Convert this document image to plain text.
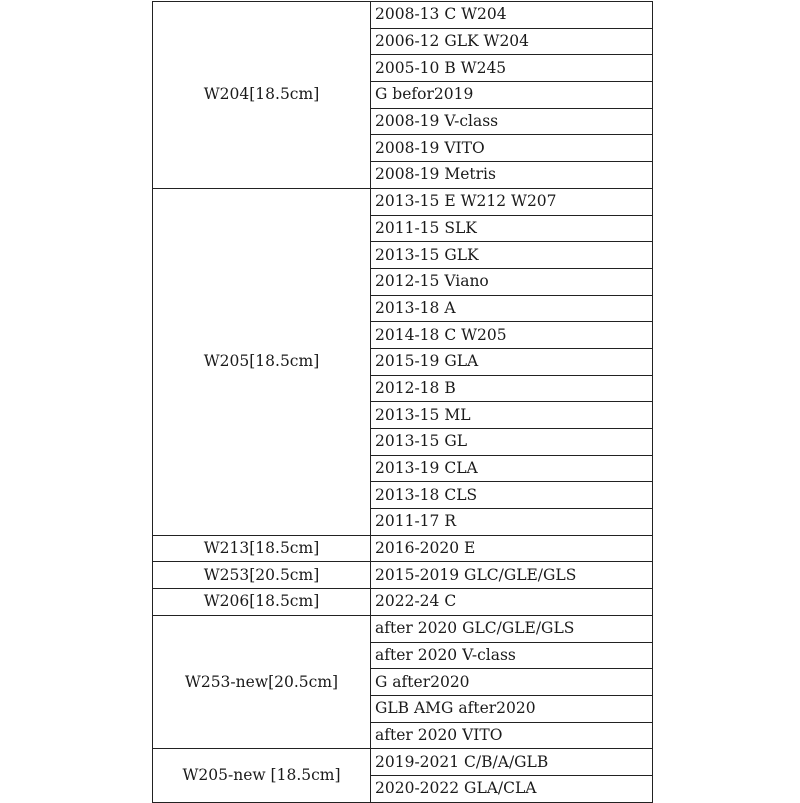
W204[18.5cm]	2008-13 C W204
	2006-12 GLK W204
	2005-10 B W245
	G befor2019
	2008-19 V-class
	2008-19 VITO
	2008-19 Metris
W205[18.5cm]	2013-15 E W212 W207
	2011-15 SLK
	2013-15 GLK
	2012-15 Viano
	2013-18 A
	2014-18 C W205
	2015-19 GLA
	2012-18 B
	2013-15 ML
	2013-15 GL
	2013-19 CLA
	2013-18 CLS
	2011-17 R
W213[18.5cm]	2016-2020 E
W253[20.5cm]	2015-2019 GLC/GLE/GLS
W206[18.5cm]	2022-24 C
W253-new[20.5cm]	after 2020 GLC/GLE/GLS
	after 2020 V-class
	G after2020
	GLB AMG after2020
	after 2020 VITO
W205-new [18.5cm]	2019-2021 C/B/A/GLB
	2020-2022 GLA/CLA
